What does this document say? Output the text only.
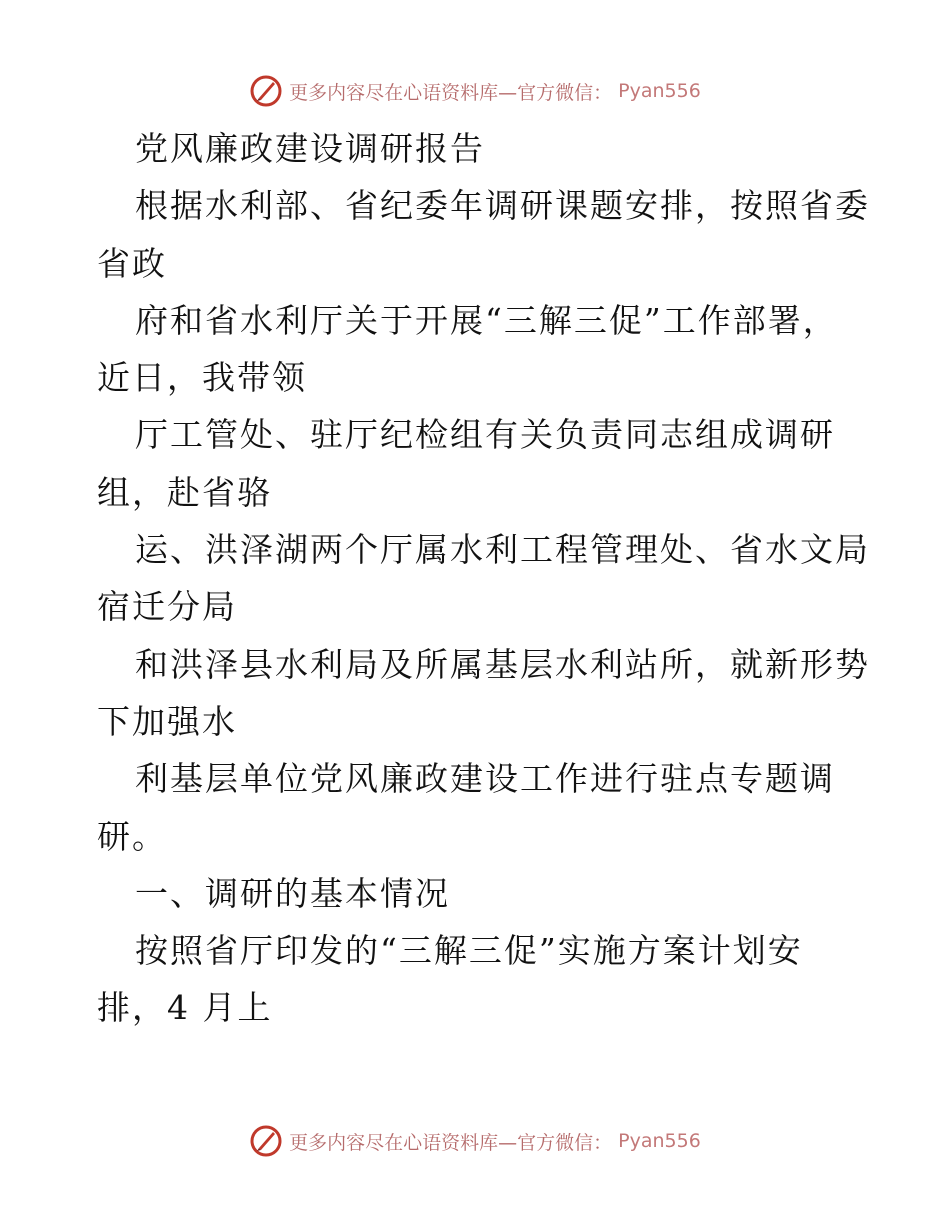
更多内容尽在心语资料库—官方微信： Pyan556
党风廉政建设调研报告
根据水利部、省纪委年调研课题安排，按照省委
省政
府和省水利厅关于开展“三解三促”工作部署，
近日，我带领
厅工管处、驻厅纪检组有关负责同志组成调研
组，赴省骆
运、洪泽湖两个厅属水利工程管理处、省水文局
宿迁分局
和洪泽县水利局及所属基层水利站所，就新形势
下加强水
利基层单位党风廉政建设工作进行驻点专题调
研。
一、调研的基本情况
按照省厅印发的“三解三促”实施方案计划安
排，4 月上
更多内容尽在心语资料库—官方微信： Pyan556
